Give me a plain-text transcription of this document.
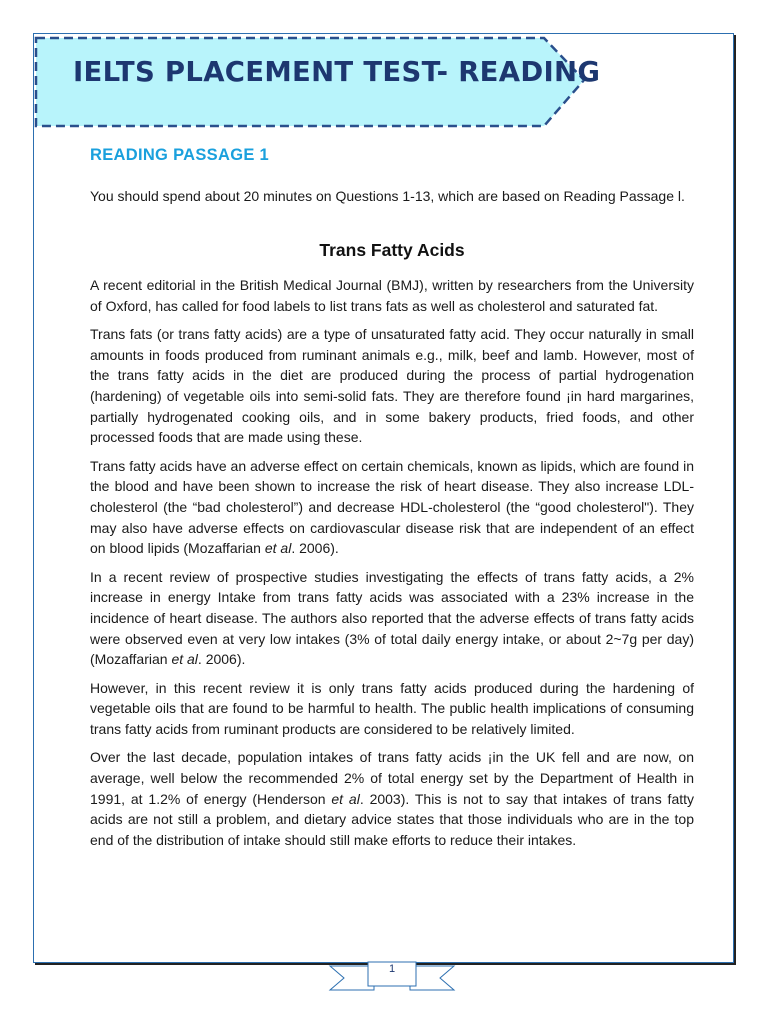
IELTS PLACEMENT TEST- READING
READING PASSAGE 1

You should spend about 20 minutes on Questions 1-13, which are based on Reading Passage l.

Trans Fatty Acids

A recent editorial in the British Medical Journal (BMJ), written by researchers from the University of Oxford, has called for food labels to list trans fats as well as cholesterol and saturated fat.

Trans fats (or trans fatty acids) are a type of unsaturated fatty acid. They occur naturally in small amounts in foods produced from ruminant animals e.g., milk, beef and lamb. However, most of the trans fatty acids in the diet are produced during the process of partial hydrogenation (hardening) of vegetable oils into semi-solid fats. They are therefore found ¡in hard margarines, partially hydrogenated cooking oils, and in some bakery products, fried foods, and other processed foods that are made using these.

Trans fatty acids have an adverse effect on certain chemicals, known as lipids, which are found in the blood and have been shown to increase the risk of heart disease. They also increase LDL-cholesterol (the “bad cholesterol”) and decrease HDL-cholesterol (the “good cholesterol"). They may also have adverse effects on cardiovascular disease risk that are independent of an effect on blood lipids (Mozaffarian et al. 2006).

In a recent review of prospective studies investigating the effects of trans fatty acids, a 2% increase in energy Intake from trans fatty acids was associated with a 23% increase in the incidence of heart disease. The authors also reported that the adverse effects of trans fatty acids were observed even at very low intakes (3% of total daily energy intake, or about 2~7g per day) (Mozaffarian et al. 2006).

However, in this recent review it is only trans fatty acids produced during the hardening of vegetable oils that are found to be harmful to health. The public health implications of consuming trans fatty acids from ruminant products are considered to be relatively limited.

Over the last decade, population intakes of trans fatty acids ¡in the UK fell and are now, on average, well below the recommended 2% of total energy set by the Department of Health in 1991, at 1.2% of energy (Henderson et al. 2003). This is not to say that intakes of trans fatty acids are not still a problem, and dietary advice states that those individuals who are in the top end of the distribution of intake should still make efforts to reduce their intakes.

1
